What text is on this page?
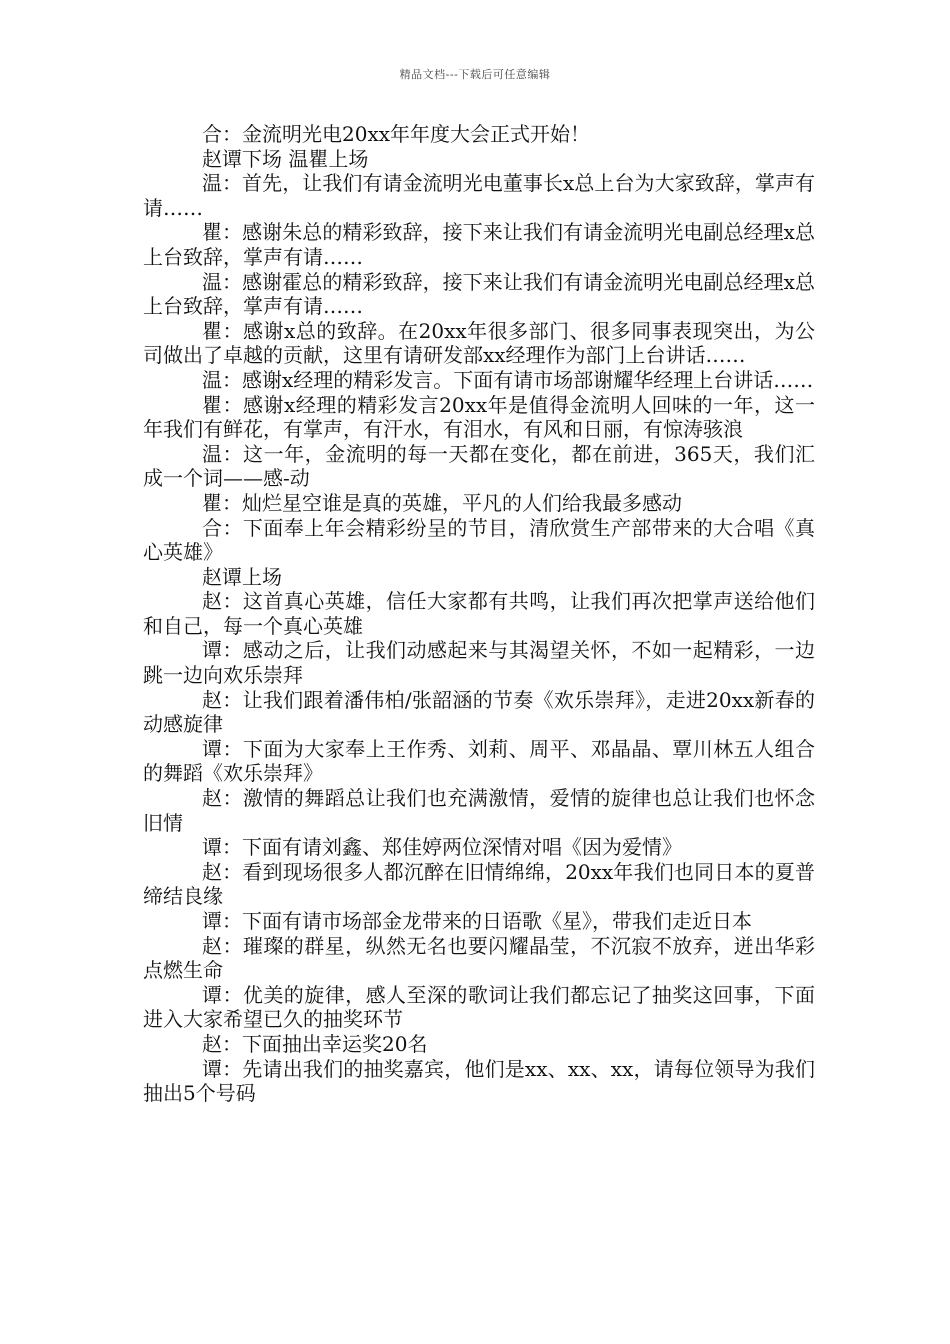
精品文档---下载后可任意编辑

合：金流明光电20xx年年度大会正式开始！

赵谭下场 温瞿上场

温：首先，让我们有请金流明光电董事长x总上台为大家致辞，掌声有请……

瞿：感谢朱总的精彩致辞，接下来让我们有请金流明光电副总经理x总上台致辞，掌声有请……

温：感谢霍总的精彩致辞，接下来让我们有请金流明光电副总经理x总上台致辞，掌声有请……

瞿：感谢x总的致辞。在20xx年很多部门、很多同事表现突出，为公司做出了卓越的贡献，这里有请研发部xx经理作为部门上台讲话……

温：感谢x经理的精彩发言。下面有请市场部谢耀华经理上台讲话……

瞿：感谢x经理的精彩发言20xx年是值得金流明人回味的一年，这一年我们有鲜花，有掌声，有汗水，有泪水，有风和日丽，有惊涛骇浪

温：这一年，金流明的每一天都在变化，都在前进，365天，我们汇成一个词——感-动

瞿：灿烂星空谁是真的英雄，平凡的人们给我最多感动

合：下面奉上年会精彩纷呈的节目，清欣赏生产部带来的大合唱《真心英雄》

赵谭上场

赵：这首真心英雄，信任大家都有共鸣，让我们再次把掌声送给他们和自己，每一个真心英雄

谭：感动之后，让我们动感起来与其渴望关怀，不如一起精彩，一边跳一边向欢乐崇拜

赵：让我们跟着潘伟柏/张韶涵的节奏《欢乐崇拜》，走进20xx新春的动感旋律

谭：下面为大家奉上王作秀、刘莉、周平、邓晶晶、覃川林五人组合的舞蹈《欢乐崇拜》

赵：激情的舞蹈总让我们也充满激情，爱情的旋律也总让我们也怀念旧情

谭：下面有请刘鑫、郑佳婷两位深情对唱《因为爱情》

赵：看到现场很多人都沉醉在旧情绵绵，20xx年我们也同日本的夏普缔结良缘

谭：下面有请市场部金龙带来的日语歌《星》，带我们走近日本

赵：璀璨的群星，纵然无名也要闪耀晶莹，不沉寂不放弃，迸出华彩点燃生命

谭：优美的旋律，感人至深的歌词让我们都忘记了抽奖这回事，下面进入大家希望已久的抽奖环节

赵：下面抽出幸运奖20名

谭：先请出我们的抽奖嘉宾，他们是xx、xx、xx，请每位领导为我们抽出5个号码
